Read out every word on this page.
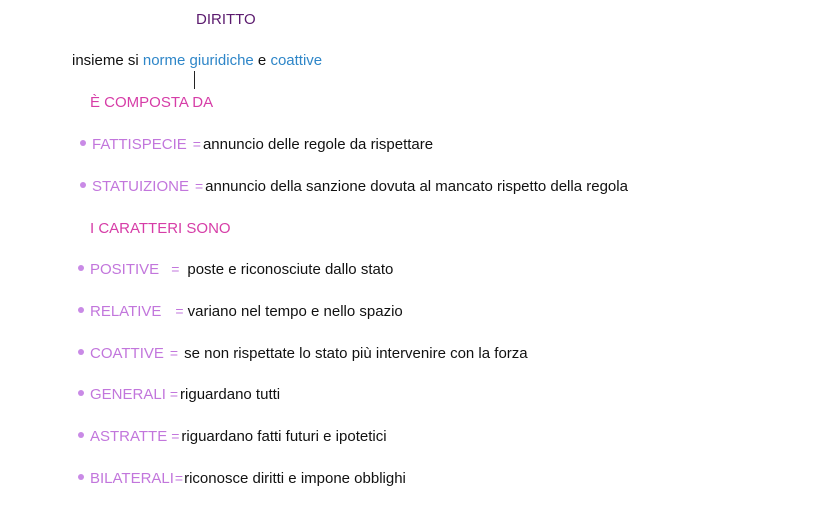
DIRITTO
insieme si norme giuridiche e coattive
È COMPOSTA DA
FATTISPECIE = annuncio delle regole da rispettare
STATUIZIONE = annuncio della sanzione dovuta al mancato rispetto della regola
I CARATTERI SONO
POSITIVE = poste e riconosciute dallo stato
RELATIVE = variano nel tempo e nello spazio
COATTIVE = se non rispettate lo stato più intervenire con la forza
GENERALI = riguardano tutti
ASTRATTE = riguardano fatti futuri e ipotetici
BILATERALI= riconosce diritti e impone obblighi
